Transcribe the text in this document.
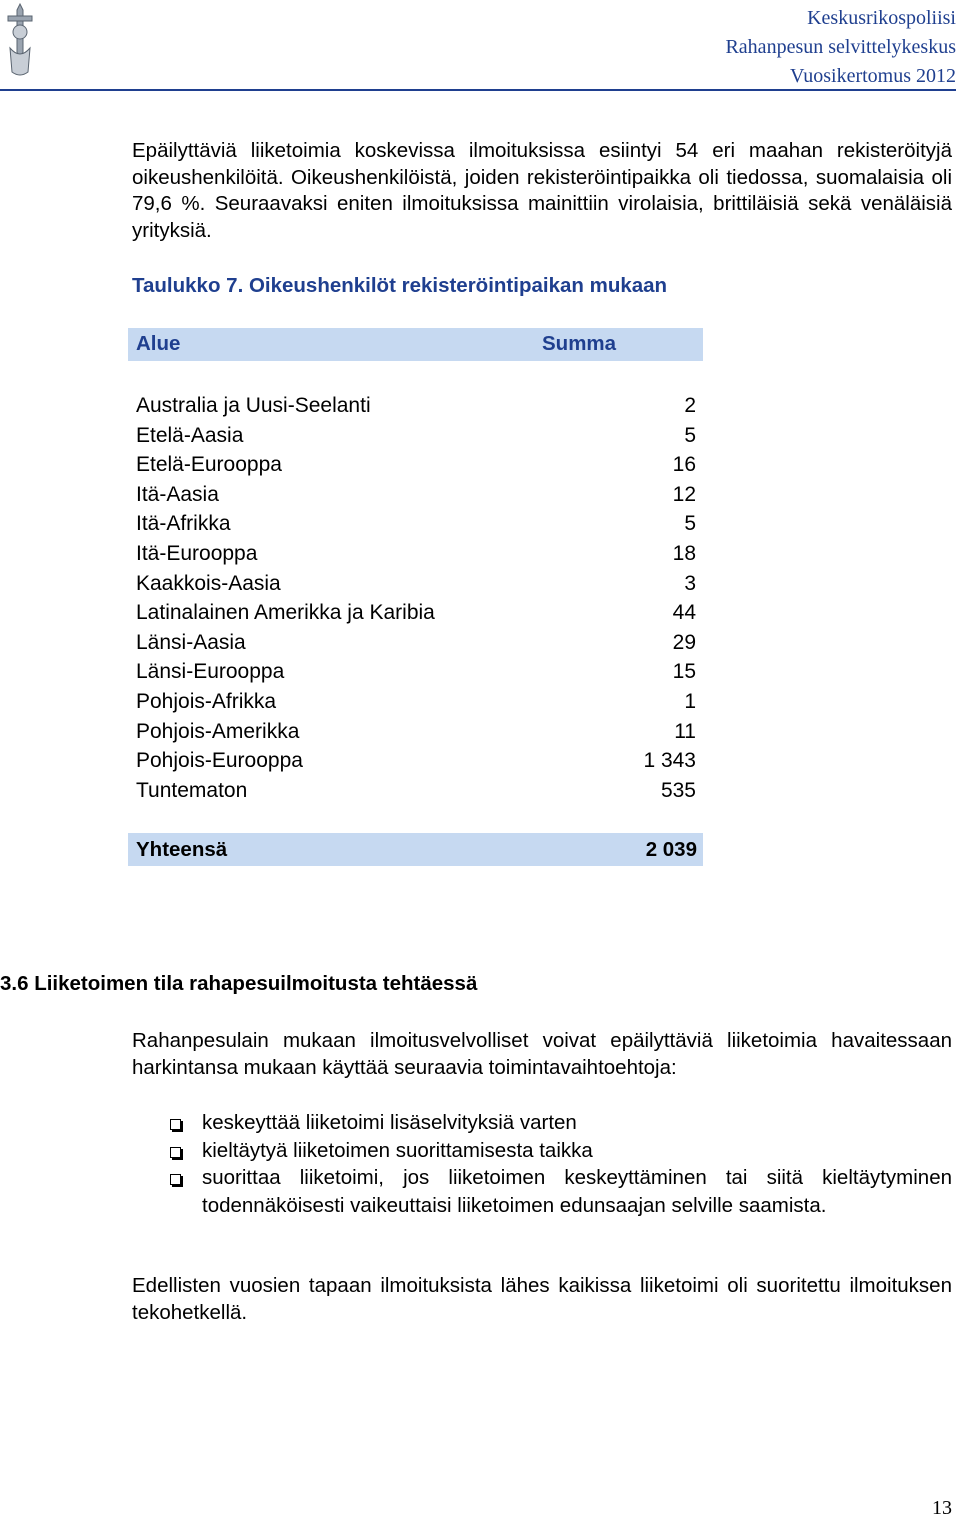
Keskusrikospoliisi
Rahanpesun selvittelykeskus
Vuosikertomus 2012

Epäilyttäviä liiketoimia koskevissa ilmoituksissa esiintyi 54 eri maahan rekisteröityjä oikeushenkilöitä. Oikeushenkilöistä, joiden rekisteröintipaikka oli tiedossa, suomalaisia oli 79,6 %. Seuraavaksi eniten ilmoituksissa mainittiin virolaisia, brittiläisiä sekä venäläisiä yrityksiä.

Taulukko 7. Oikeushenkilöt rekisteröintipaikan mukaan
Alue	Summa
Australia ja Uusi-Seelanti	2
Etelä-Aasia	5
Etelä-Eurooppa	16
Itä-Aasia	12
Itä-Afrikka	5
Itä-Eurooppa	18
Kaakkois-Aasia	3
Latinalainen Amerikka ja Karibia	44
Länsi-Aasia	29
Länsi-Eurooppa	15
Pohjois-Afrikka	1
Pohjois-Amerikka	11
Pohjois-Eurooppa	1 343
Tuntematon	535
Yhteensä	2 039
3.6 Liiketoimen tila rahapesuilmoitusta tehtäessä

Rahanpesulain mukaan ilmoitusvelvolliset voivat epäilyttäviä liiketoimia havaitessaan harkintansa mukaan käyttää seuraavia toimintavaihtoehtoja:

keskeyttää liiketoimi lisäselvityksiä varten
kieltäytyä liiketoimen suorittamisesta taikka
suorittaa liiketoimi, jos liiketoimen keskeyttäminen tai siitä kieltäytyminen todennäköisesti vaikeuttaisi liiketoimen edunsaajan selville saamista.

Edellisten vuosien tapaan ilmoituksista lähes kaikissa liiketoimi oli suoritettu ilmoituksen tekohetkellä.

13
